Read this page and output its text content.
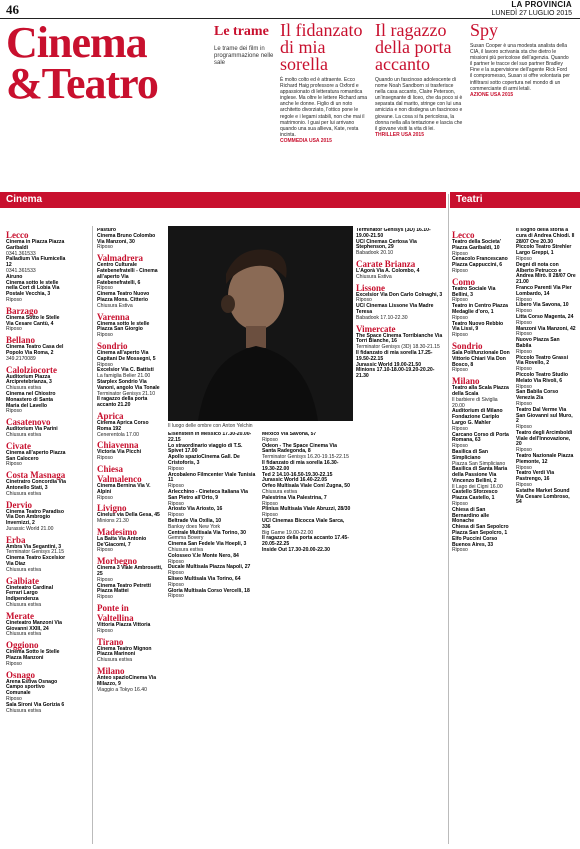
46	LA PROVINCIA
LUNEDÌ 27 LUGLIO 2015
Cinema
&Teatro
Le trame
Le trame dei film in programmazione nelle sale
Il fidanzato di mia sorella

È molto colto ed è attraente. Ecco Richard Haig professore a Oxford e appassionato di letteratura romantica inglese. Ma oltre le lettere Richard ama anche le donne. Figlio di un noto architetto divorziato, l’ottico pone le regole e i legami stabili, non che mai il matrimonio. I guai per lui arrivano quando una sua allieva, Kate, resta incinta.

COMMEDIA USA 2015

Il ragazzo della porta accanto

Quando un fascinoso adolescente di nome Noah Sandborn si trasferisce nella casa accanto, Claire Peterson, un’insegnante di liceo, che da poco si è separata dal marito, stringe con lui una amicizia e non disdegna un fascinoso e giovane. La cosa si fa pericolosa, la donna nella alla tentazione e lascia che il giovane visiti la vita di lei.

THRILLER USA 2015

Spy

Susan Cooper è una modesta analista della CIA, il lavoro scrivania sta che dietro le missioni più pericolose dell’agenzia. Quando il partner le tracce del suo partner Bradley Fine e la supervisione dell’agente Rick Ford il compromesso, Susan si offre volontaria per infiltrarsi sotto copertura nel mondo di un commerciante di armi letali.

AZIONE USA 2015

Cinema	Teatri
Lecco

Cinema in Piazza Piazza Garibaldi

0341.361533

Palladium Via Fiumicella 12

0341.361533

Airuno

Cinema sotto le stelle nella Cort di Lobia Via Postale Vecchia, 3

Riposo

Barzago

Cinema Sotto le Stelle Via Cesare Cantù, 4

Riposo

Bellano

Cinema Teatro Casa del Popolo Via Roma, 2

349.2170089

Calolziocorte

Auditorium Piazza Arcipretebrianza, 3

Chiusura estiva

Cinema nel Chiostro Monastero di Santa Maria del Lavello

Riposo

Casatenovo

Auditorium Via Parini

Chiusura estiva

Civate

Cinema all’aperto Piazza San Calocero

Riposo

Costa Masnaga

Cinetratro Concordia Via Antonello Stati, 3

Chiusura estiva

Dervio

Cinema Teatro Paradiso Via Don Ambrogio Invernizzi, 2

Jurassic World 21.00

Erba

Ambra Via Segantini, 3

Terminator Genisys 21.15

Cinema Teatro Excelsior Via Diaz

Chiusura estiva

Galbiate

Cineteatro Cardinal Ferrari Largo Indipendenza

Chiusura estiva

Merate

Cineteatro Manzoni Via Giovanni XXIII, 24

Chiusura estiva

Oggiono

Cinema Sotto le Stelle Piazza Manzoni

Riposo

Osnago

Arena Estiva Osnago Campo sportivo Comunale

Riposo

Sala Sironi Via Gorizia 6

Chiusura estiva

Pasturo

Cinema Bruno Colombo Via Manzoni, 30

Riposo

Valmadrera

Centro Culturale Fatebenefratelli - Cinema all’aperto Via Fatebenefratelli, 6

Riposo

Cinema Teatro Nuovo Piazza Mons. Citterio

Chiusura Estiva

Varenna

Cinema sotto le stelle Piazza San Giorgio

Riposo

Sondrio

Cinema all’aperto Via Capitani De Mossegni, 5

Riposo

Excelsior Via C. Battisti

La famiglia Belier 21.00

Starplex Sondrio Via Vanoni, angolo Via Tonale

Terminator Genisys 21.10

Il ragazzo della porta accanto 21.20

Aprica

Cinema Aprica Corso Roma 192

Cenerentola 17.00

Chiavenna

Victoria Via Picchi

Riposo

Chiesa Valmalenco

Cinema Bernina Via V. Alpini

Riposo

Livigno

Cinelux via Della Gesa, 45

Minions 21.30

Madesimo

La Baita Via Antonio De’Giacomi, 7

Riposo

Morbegno

Cinema 3 Viale Ambrosetti, 25

Riposo

Cinema Teatro Petretti Piazza Mattei

Riposo

Ponte in Valtellina

Vittoria Piazza Vittoria

Riposo

Tirano

Cinema Teatro Mignon Piazza Marinoni

Chiusura estiva

Milano

Anteo spazioCinema Via Milazzo, 9

Viaggio a Tokyo 16.40

Il luogo delle ombre con Anton Yelchin

Eisenstein in Messico 17.30-20.00-22.15

Lo straordinario viaggio di T.S. Spivet 17.00

Apollo spazioCinema Gall. De Cristoforis, 3

Riposo

Arcobaleno Filmcenter Viale Tunisia 11

Riposo

Arlecchino - Cineteca Italiana Via San Pietro all’Orto, 9

Riposo

Ariosto Via Ariosto, 16

Riposo

Beltrade Via Oxilia, 10

Banksy does New York

Centrale Multisala Via Torino, 30

Gemma Bovery

Cinema San Fedele Via Hoepli, 3

Chiusura estiva

Colosseo V.le Monte Nero, 84

Riposo

Ducale Multisala Piazza Napoli, 27

Riposo

Eliseo Multisala Via Torino, 64

Riposo

Gloria Multisala Corso Vercelli, 18

Riposo

Mexico Via Savona, 57

Riposo

Odeon - The Space Cinema Via Santa Radegonda, 8

Terminator Genisys 16.20-19.15-22.15

Il fidanzato di mia sorella 16.30-19.30-22.00

Ted 2 14.10-16.50-19.30-22.15

Jurassic World 16.40-22.05

Orfeo Multisala Viale Coni Zugna, 50

Chiusura estiva

Palestrina Via Palestrina, 7

Riposo

Plinius Multisala Viale Abruzzi, 28/30

Riposo

UCI Cinemas Bicocca Viale Sarca, 336

Big Game 19.00-22.00

Il ragazzo della porta accanto 17.45-20.05-22.25

Inside Out 17.30-20.00-22.30

Terminator Genisys (3D) 16.10-19.00-21.50

UCI Cinemas Certosa Via Stephenson, 29

Babadook 20.10

Carate Brianza

L’Agorà Via A. Colombo, 4

Chiusura Estiva

Lissone

Excelsior Via Don Carlo Colnaghi, 3

Riposo

UCI Cinemas Lissone Via Madre Teresa

Babadook 17.10-22.30

Vimercate

The Space Cinema Torribianche Via Torri Bianche, 16

Terminator Genisys (3D) 18.30-21.15

Il fidanzato di mia sorella 17.25-19.50-22.15

Jurassic World 19.00-21.50

Minions 17.10-18.00-19.20-20.20-21.30

Lecco

Teatro della Societa’ Piazza Garibaldi, 10

Riposo

Cenacolo Francescano Piazza Cappuccini, 6

Riposo

Como

Teatro Sociale Via Bellini, 3

Riposo

Teatro in Centro Piazza Medaglie d’oro, 1

Riposo

Teatro Nuovo Rebbio Via Lissi, 9

Riposo

Sondrio

Sala Polifunzionale Don Vittorio Chiari Via Don Bosco, 8

Riposo

Milano

Teatro alla Scala Piazza della Scala

Il barbiere di Siviglia 20.00

Auditorium di Milano Fondazione Cariplo Largo G. Mahler

Riposo

Carcano Corso di Porta Romana, 63

Riposo

Basilica di San Simpliciano

Piazza San Simpliciano

Basilica di Santa Maria della Passione Via Vincenzo Bellini, 2

Il Lago dei Cigni 16.00

Castello Sforzesco Piazza Castello, 1

Riposo

Chiesa di San Bernardino alle Monache

Chiesa di San Sepolcro Piazza San Sepolcro, 1

Elfo Puccini Corso Buenos Aires, 33

Riposo

Il sogno della storia a cura di Andrea Chiodi. Il 28/07 Ore 20.30

Piccolo Teatro Strehler Largo Greppi, 1

Riposo

Degni di nota con Alberto Petrucco e Andrea Mirò. Il 28/07 Ore 21.00

Franco Parenti Via Pier Lombardo, 14

Riposo

Libero Via Savona, 10

Riposo

Litta Corso Magenta, 24

Riposo

Manzoni Via Manzoni, 42

Riposo

Nuovo Piazza San Babila

Riposo

Piccolo Teatro Grassi Via Rovello, 2

Riposo

Piccolo Teatro Studio Melato Via Rivoli, 6

Riposo

San Babila Corso Venezia 2/a

Riposo

Teatro Dal Verme Via San Giovanni sul Muro, 2

Riposo

Teatro degli Arcimboldi Viale dell’Innovazione, 20

Riposo

Teatro Nazionale Piazza Piemonte, 12

Riposo

Teatro Verdi Via Pastrengo, 16

Riposo

Estathe Market Sound Via Cesare Lombroso, 54
